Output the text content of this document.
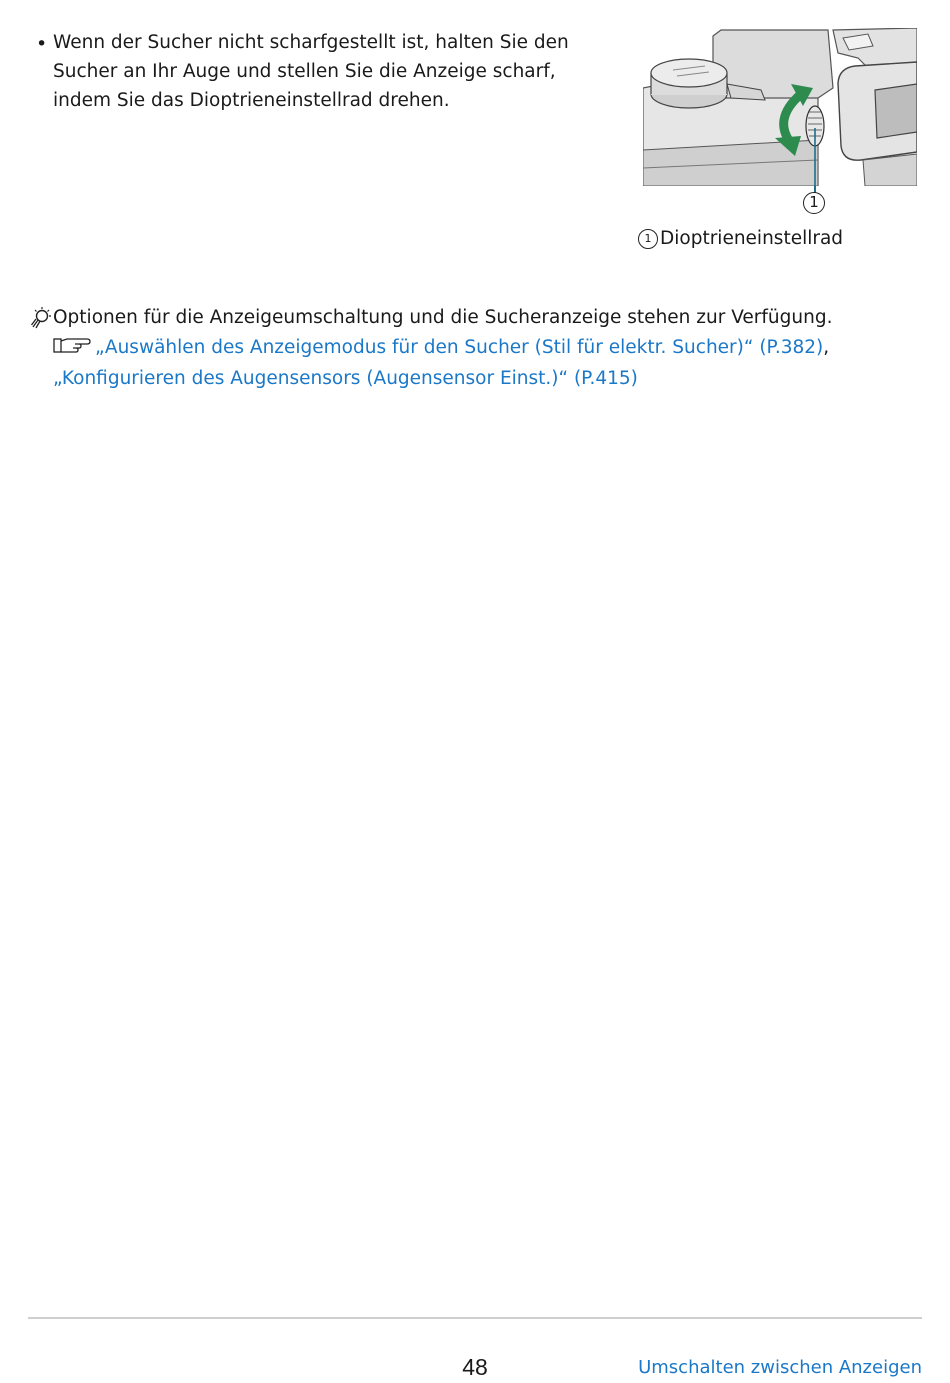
• Wenn der Sucher nicht scharfgestellt ist, halten Sie den Sucher an Ihr Auge und stellen Sie die Anzeige scharf, indem Sie das Dioptrieneinstellrad drehen.
1
1 Dioptrieneinstellrad
Optionen für die Anzeigeumschaltung und die Sucheranzeige stehen zur Verfügung.
„Auswählen des Anzeigemodus für den Sucher (Stil für elektr. Sucher)“ (P.382), „Konfigurieren des Augensensors (Augensensor Einst.)“ (P.415)
48	Umschalten zwischen Anzeigen
